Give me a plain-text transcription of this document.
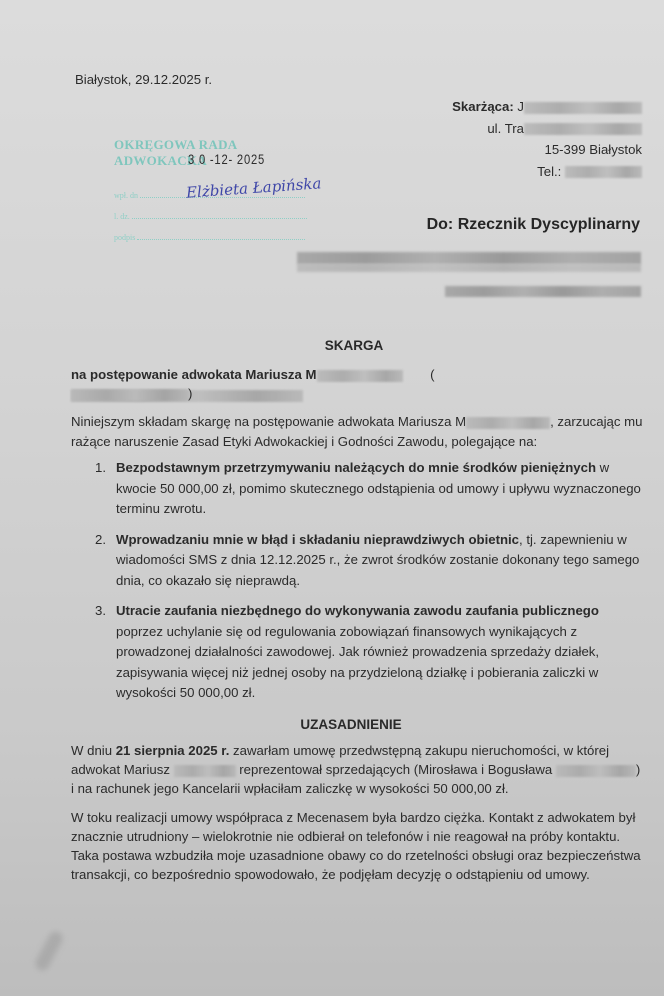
Białystok, 29.12.2025 r.
Skarżąca: J
ul. Tra
15-399 Białystok
Tel.:
OKRĘGOWA RADA ADWOKACKA
3 0 -12- 2025
wpł. dn
l. dz.
podpis
Elżbieta Łapińska
Do: Rzecznik Dyscyplinarny
SKARGA
na postępowanie adwokata Mariusza M	(
)
Niniejszym składam skargę na postępowanie adwokata Mariusza M	, zarzucając mu rażące naruszenie Zasad Etyki Adwokackiej i Godności Zawodu, polegające na:
1. Bezpodstawnym przetrzymywaniu należących do mnie środków pieniężnych w kwocie 50 000,00 zł, pomimo skutecznego odstąpienia od umowy i upływu wyznaczonego terminu zwrotu.
2. Wprowadzaniu mnie w błąd i składaniu nieprawdziwych obietnic, tj. zapewnieniu w wiadomości SMS z dnia 12.12.2025 r., że zwrot środków zostanie dokonany tego samego dnia, co okazało się nieprawdą.
3. Utracie zaufania niezbędnego do wykonywania zawodu zaufania publicznego poprzez uchylanie się od regulowania zobowiązań finansowych wynikających z prowadzonej działalności zawodowej. Jak również prowadzenia sprzedaży działek, zapisywania więcej niż jednej osoby na przydzieloną działkę i pobierania zaliczki w wysokości 50 000,00 zł.
UZASADNIENIE
W dniu 21 sierpnia 2025 r. zawarłam umowę przedwstępną zakupu nieruchomości, w której adwokat Mariusz	reprezentował sprzedających (Mirosława i Bogusława	) i na rachunek jego Kancelarii wpłaciłam zaliczkę w wysokości 50 000,00 zł.
W toku realizacji umowy współpraca z Mecenasem była bardzo ciężka. Kontakt z adwokatem był znacznie utrudniony – wielokrotnie nie odbierał on telefonów i nie reagował na próby kontaktu. Taka postawa wzbudziła moje uzasadnione obawy co do rzetelności obsługi oraz bezpieczeństwa transakcji, co bezpośrednio spowodowało, że podjęłam decyzję o odstąpieniu od umowy.
